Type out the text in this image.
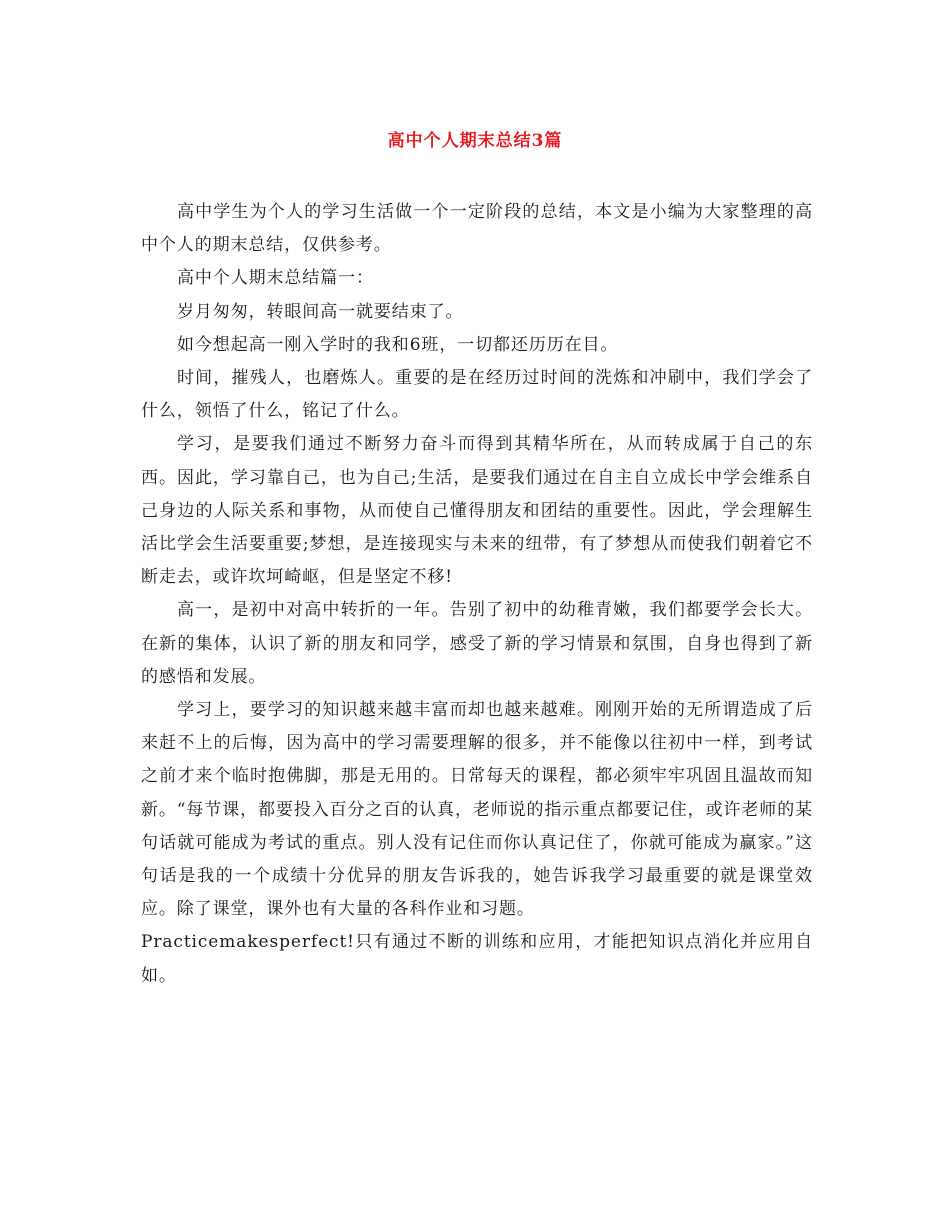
高中个人期末总结3篇

高中学生为个人的学习生活做一个一定阶段的总结，本文是小编为大家整理的高中个人的期末总结，仅供参考。

高中个人期末总结篇一：

岁月匆匆，转眼间高一就要结束了。

如今想起高一刚入学时的我和6班，一切都还历历在目。

时间，摧残人，也磨炼人。重要的是在经历过时间的洗炼和冲刷中，我们学会了什么，领悟了什么，铭记了什么。

学习，是要我们通过不断努力奋斗而得到其精华所在，从而转成属于自己的东西。因此，学习靠自己，也为自己;生活，是要我们通过在自主自立成长中学会维系自己身边的人际关系和事物，从而使自己懂得朋友和团结的重要性。因此，学会理解生活比学会生活要重要;梦想，是连接现实与未来的纽带，有了梦想从而使我们朝着它不断走去，或许坎坷崎岖，但是坚定不移!

高一，是初中对高中转折的一年。告别了初中的幼稚青嫩，我们都要学会长大。在新的集体，认识了新的朋友和同学，感受了新的学习情景和氛围，自身也得到了新的感悟和发展。

学习上，要学习的知识越来越丰富而却也越来越难。刚刚开始的无所谓造成了后来赶不上的后悔，因为高中的学习需要理解的很多，并不能像以往初中一样，到考试之前才来个临时抱佛脚，那是无用的。日常每天的课程，都必须牢牢巩固且温故而知新。“每节课，都要投入百分之百的认真，老师说的指示重点都要记住，或许老师的某句话就可能成为考试的重点。别人没有记住而你认真记住了，你就可能成为赢家。”这句话是我的一个成绩十分优异的朋友告诉我的，她告诉我学习最重要的就是课堂效应。除了课堂，课外也有大量的各科作业和习题。

Practicemakesperfect!只有通过不断的训练和应用，才能把知识点消化并应用自如。
